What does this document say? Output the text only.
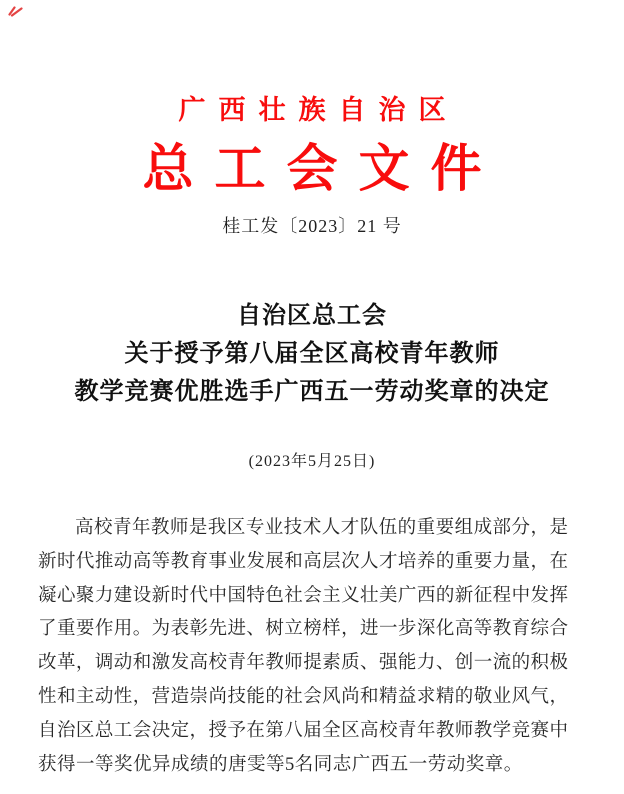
广西壮族自治区
总工会文件
桂工发〔2023〕21 号
自治区总工会
关于授予第八届全区高校青年教师
教学竞赛优胜选手广西五一劳动奖章的决定
(2023年5月25日)
高校青年教师是我区专业技术人才队伍的重要组成部分，是
新时代推动高等教育事业发展和高层次人才培养的重要力量，在
凝心聚力建设新时代中国特色社会主义壮美广西的新征程中发挥
了重要作用。为表彰先进、树立榜样，进一步深化高等教育综合
改革，调动和激发高校青年教师提素质、强能力、创一流的积极
性和主动性，营造崇尚技能的社会风尚和精益求精的敬业风气，
自治区总工会决定，授予在第八届全区高校青年教师教学竞赛中
获得一等奖优异成绩的唐雯等5名同志广西五一劳动奖章。
